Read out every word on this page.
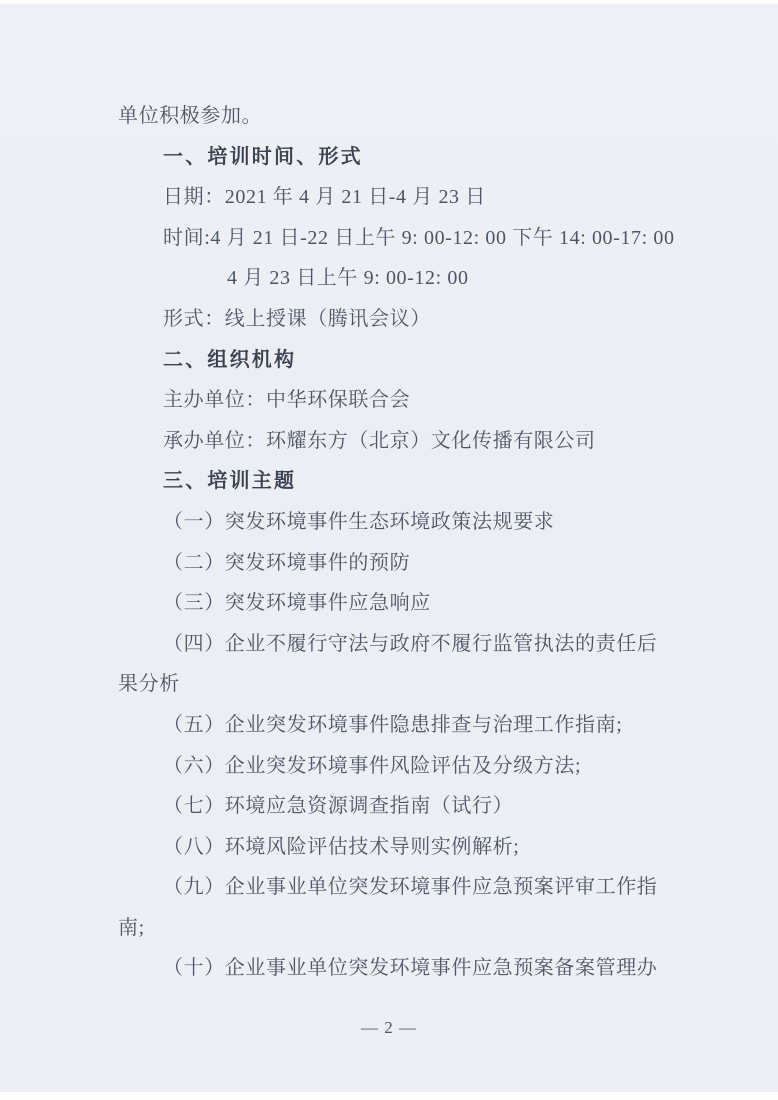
单位积极参加。
一、培训时间、形式
日期：2021 年 4 月 21 日-4 月 23 日
时间:4 月 21 日-22 日上午 9: 00-12: 00 下午 14: 00-17: 00
4 月 23 日上午 9: 00-12: 00
形式：线上授课（腾讯会议）
二、组织机构
主办单位：中华环保联合会
承办单位：环耀东方（北京）文化传播有限公司
三、培训主题
（一）突发环境事件生态环境政策法规要求
（二）突发环境事件的预防
（三）突发环境事件应急响应
（四）企业不履行守法与政府不履行监管执法的责任后
果分析
（五）企业突发环境事件隐患排查与治理工作指南;
（六）企业突发环境事件风险评估及分级方法;
（七）环境应急资源调查指南（试行）
（八）环境风险评估技术导则实例解析;
（九）企业事业单位突发环境事件应急预案评审工作指
南;
（十）企业事业单位突发环境事件应急预案备案管理办
— 2 —
